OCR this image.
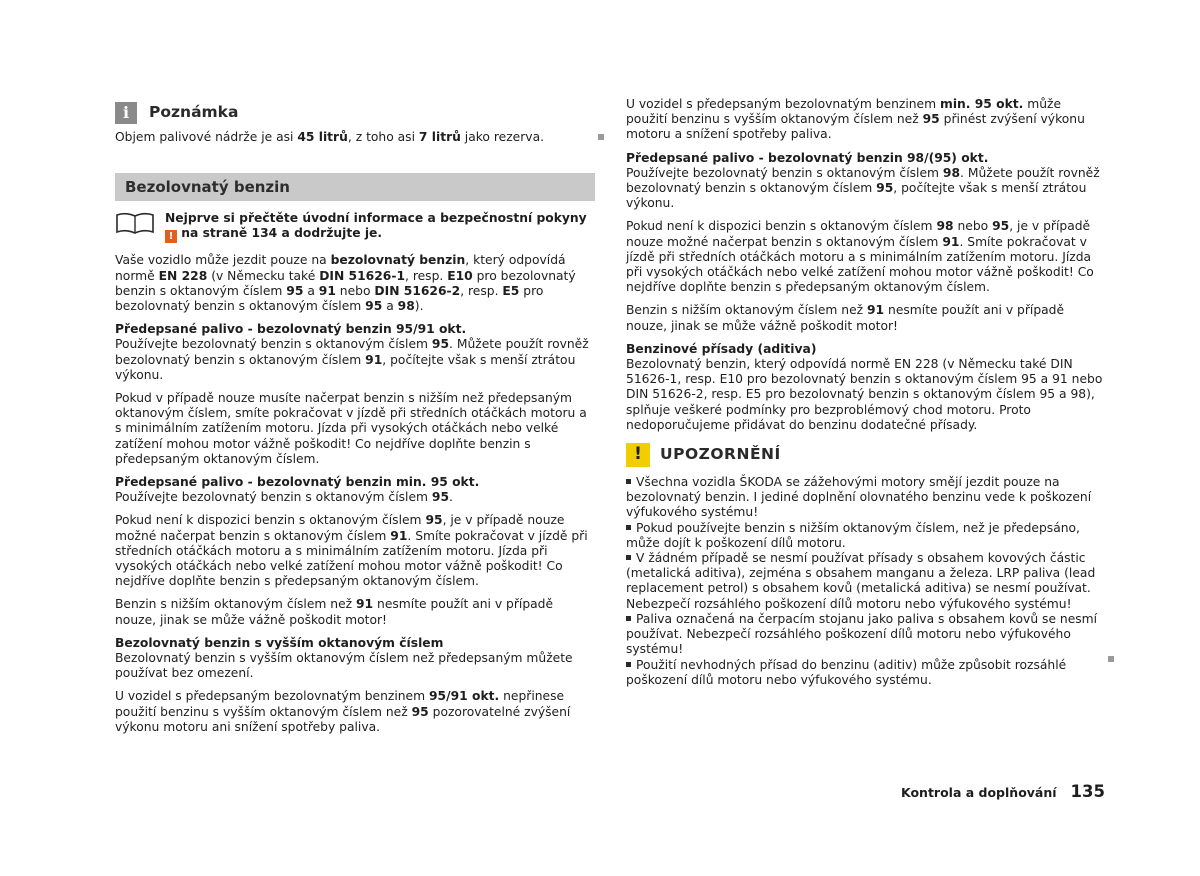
i	Poznámka
Objem palivové nádrže je asi 45 litrů, z toho asi 7 litrů jako rezerva.
Bezolovnatý benzin
Nejprve si přečtěte úvodní informace a bezpečnostní pokyny ! na straně 134 a dodržujte je.

Vaše vozidlo může jezdit pouze na bezolovnatý benzin, který odpovídá normě EN 228 (v Německu také DIN 51626-1, resp. E10 pro bezolovnatý benzin s oktanovým číslem 95 a 91 nebo DIN 51626-2, resp. E5 pro bezolovnatý benzin s oktanovým číslem 95 a 98).

Předepsané palivo - bezolovnatý benzin 95/91 okt.

Používejte bezolovnatý benzin s oktanovým číslem 95. Můžete použít rovněž bezolovnatý benzin s oktanovým číslem 91, počítejte však s menší ztrátou výkonu.

Pokud v případě nouze musíte načerpat benzin s nižším než předepsaným oktanovým číslem, smíte pokračovat v jízdě při středních otáčkách motoru a s minimálním zatížením motoru. Jízda při vysokých otáčkách nebo velké zatížení mohou motor vážně poškodit! Co nejdříve doplňte benzin s předepsaným oktanovým číslem.

Předepsané palivo - bezolovnatý benzin min. 95 okt.

Používejte bezolovnatý benzin s oktanovým číslem 95.

Pokud není k dispozici benzin s oktanovým číslem 95, je v případě nouze možné načerpat benzin s oktanovým číslem 91. Smíte pokračovat v jízdě při středních otáčkách motoru a s minimálním zatížením motoru. Jízda při vysokých otáčkách nebo velké zatížení mohou motor vážně poškodit! Co nejdříve doplňte benzin s předepsaným oktanovým číslem.

Benzin s nižším oktanovým číslem než 91 nesmíte použít ani v případě nouze, jinak se může vážně poškodit motor!

Bezolovnatý benzin s vyšším oktanovým číslem

Bezolovnatý benzin s vyšším oktanovým číslem než předepsaným můžete používat bez omezení.

U vozidel s předepsaným bezolovnatým benzinem 95/91 okt. nepřinese použití benzinu s vyšším oktanovým číslem než 95 pozorovatelné zvýšení výkonu motoru ani snížení spotřeby paliva.

U vozidel s předepsaným bezolovnatým benzinem min. 95 okt. může použití benzinu s vyšším oktanovým číslem než 95 přinést zvýšení výkonu motoru a snížení spotřeby paliva.

Předepsané palivo - bezolovnatý benzin 98/(95) okt.

Používejte bezolovnatý benzin s oktanovým číslem 98. Můžete použít rovněž bezolovnatý benzin s oktanovým číslem 95, počítejte však s menší ztrátou výkonu.

Pokud není k dispozici benzin s oktanovým číslem 98 nebo 95, je v případě nouze možné načerpat benzin s oktanovým číslem 91. Smíte pokračovat v jízdě při středních otáčkách motoru a s minimálním zatížením motoru. Jízda při vysokých otáčkách nebo velké zatížení mohou motor vážně poškodit! Co nejdříve doplňte benzin s předepsaným oktanovým číslem.

Benzin s nižším oktanovým číslem než 91 nesmíte použít ani v případě nouze, jinak se může vážně poškodit motor!

Benzinové přísady (aditiva)

Bezolovnatý benzin, který odpovídá normě EN 228 (v Německu také DIN 51626-1, resp. E10 pro bezolovnatý benzin s oktanovým číslem 95 a 91 nebo DIN 51626-2, resp. E5 pro bezolovnatý benzin s oktanovým číslem 95 a 98), splňuje veškeré podmínky pro bezproblémový chod motoru. Proto nedoporučujeme přidávat do benzinu dodatečné přísady.

!	UPOZORNĚNÍ

Všechna vozidla ŠKODA se zážehovými motory smějí jezdit pouze na bezolovnatý benzin. I jediné doplnění olovnatého benzinu vede k poškození výfukového systému!

Pokud používejte benzin s nižším oktanovým číslem, než je předepsáno, může dojít k poškození dílů motoru.

V žádném případě se nesmí používat přísady s obsahem kovových částic (metalická aditiva), zejména s obsahem manganu a železa. LRP paliva (lead replacement petrol) s obsahem kovů (metalická aditiva) se nesmí používat. Nebezpečí rozsáhlého poškození dílů motoru nebo výfukového systému!

Paliva označená na čerpacím stojanu jako paliva s obsahem kovů se nesmí používat. Nebezpečí rozsáhlého poškození dílů motoru nebo výfukového systému!

Použití nevhodných přísad do benzinu (aditiv) může způsobit rozsáhlé poškození dílů motoru nebo výfukového systému.

Kontrola a doplňování 135
